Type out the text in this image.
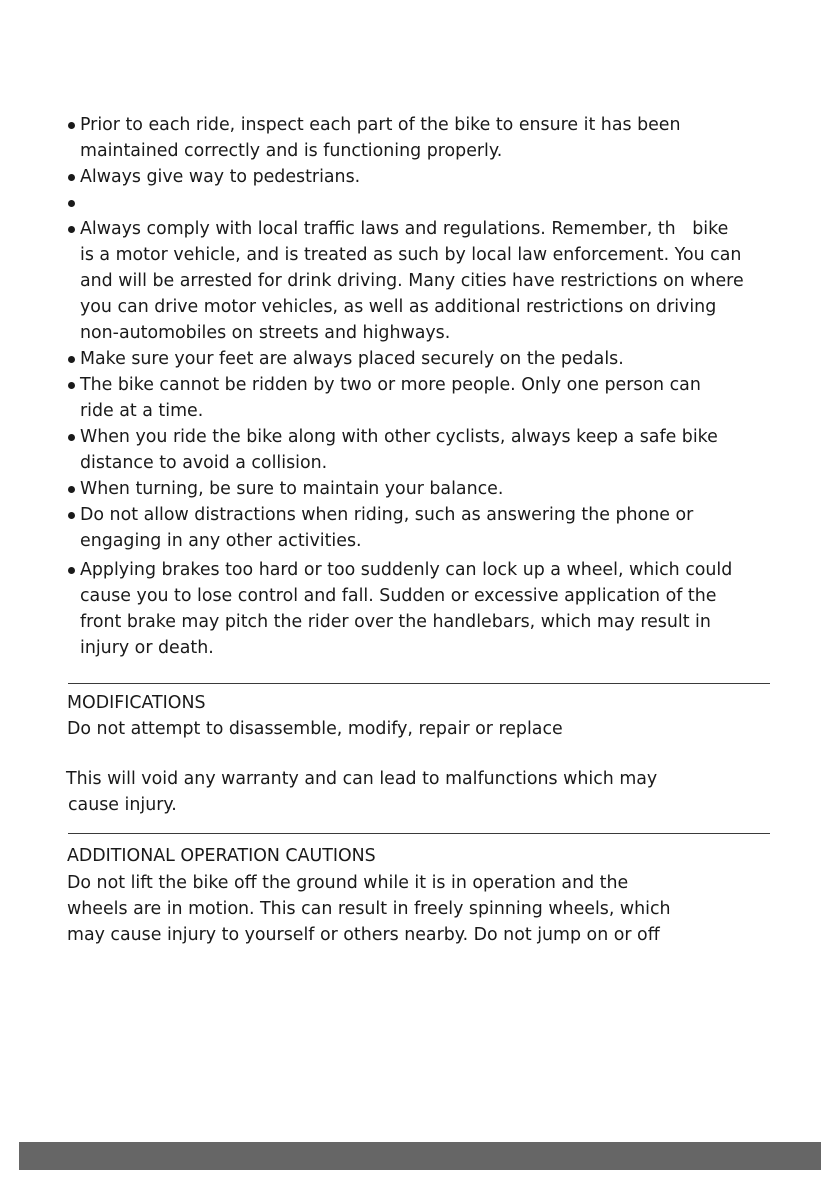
Prior to each ride, inspect each part of the bike to ensure it has been
maintained correctly and is functioning properly.
Always give way to pedestrians.
Always comply with local traffic laws and regulations. Remember, th   bike
is a motor vehicle, and is treated as such by local law enforcement. You can
and will be arrested for drink driving. Many cities have restrictions on where
you can drive motor vehicles, as well as additional restrictions on driving
non-automobiles on streets and highways.
Make sure your feet are always placed securely on the pedals.
The bike cannot be ridden by two or more people. Only one person can
ride at a time.
When you ride the bike along with other cyclists, always keep a safe bike
distance to avoid a collision.
When turning, be sure to maintain your balance.
Do not allow distractions when riding, such as answering the phone or
engaging in any other activities.
Applying brakes too hard or too suddenly can lock up a wheel, which could
cause you to lose control and fall. Sudden or excessive application of the
front brake may pitch the rider over the handlebars, which may result in
injury or death.
MODIFICATIONS

Do not attempt to disassemble, modify, repair or replace

This will void any warranty and can lead to malfunctions which may
cause injury.

ADDITIONAL OPERATION CAUTIONS

Do not lift the bike off the ground while it is in operation and the
wheels are in motion. This can result in freely spinning wheels, which
may cause injury to yourself or others nearby. Do not jump on or off
